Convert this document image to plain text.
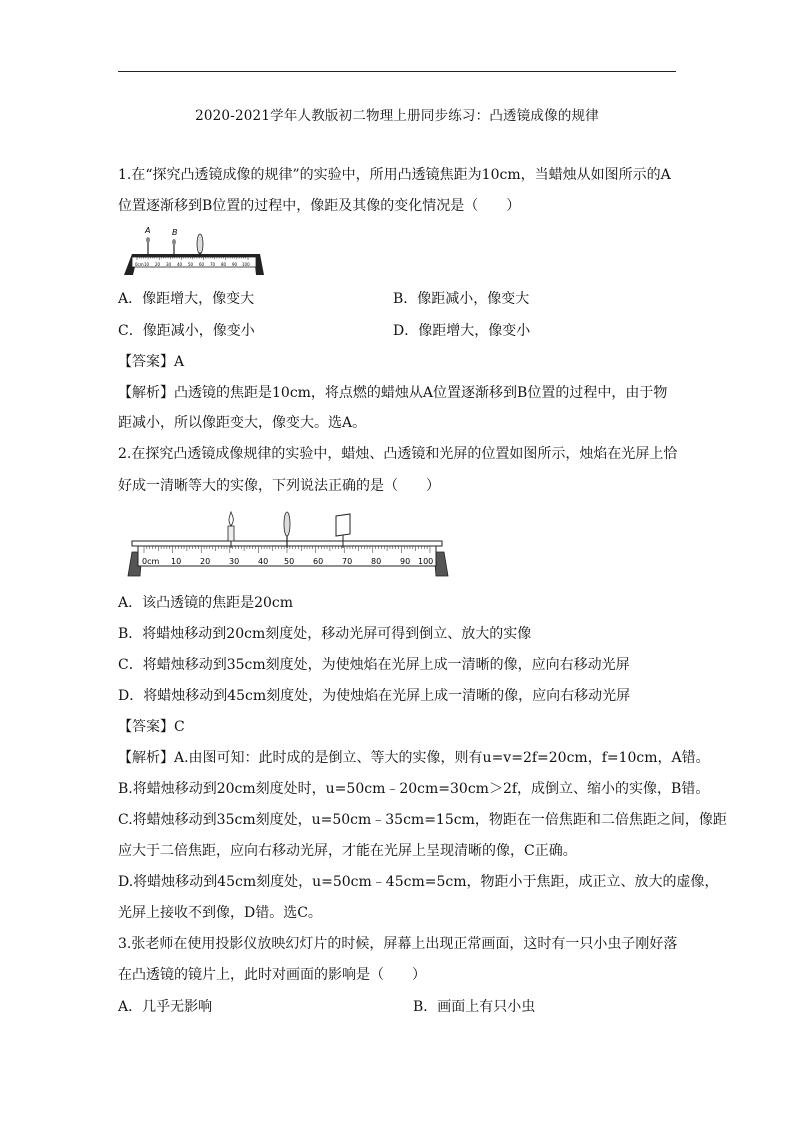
2020-2021学年人教版初二物理上册同步练习：凸透镜成像的规律
1.在“探究凸透镜成像的规律”的实验中，所用凸透镜焦距为10cm，当蜡烛从如图所示的A
位置逐渐移到B位置的过程中，像距及其像的变化情况是（　　）
A	B
0cm 10 20 30 40 50 60 70 80 90 100
A．像距增大，像变大	B．像距减小，像变大
C．像距减小，像变小	D．像距增大，像变小
【答案】A
【解析】凸透镜的焦距是10cm，将点燃的蜡烛从A位置逐渐移到B位置的过程中，由于物
距减小，所以像距变大，像变大。选A。
2.在探究凸透镜成像规律的实验中，蜡烛、凸透镜和光屏的位置如图所示，烛焰在光屏上恰
好成一清晰等大的实像，下列说法正确的是（　　）
0cm 10 20 30 40 50 60 70 80 90 100
A．该凸透镜的焦距是20cm
B．将蜡烛移动到20cm刻度处，移动光屏可得到倒立、放大的实像
C．将蜡烛移动到35cm刻度处，为使烛焰在光屏上成一清晰的像，应向右移动光屏
D．将蜡烛移动到45cm刻度处，为使烛焰在光屏上成一清晰的像，应向右移动光屏
【答案】C
【解析】A.由图可知：此时成的是倒立、等大的实像，则有u=v=2f=20cm，f=10cm，A错。
B.将蜡烛移动到20cm刻度处时，u=50cm﹣20cm=30cm＞2f，成倒立、缩小的实像，B错。
C.将蜡烛移动到35cm刻度处，u=50cm﹣35cm=15cm，物距在一倍焦距和二倍焦距之间，像距
应大于二倍焦距，应向右移动光屏，才能在光屏上呈现清晰的像，C正确。
D.将蜡烛移动到45cm刻度处，u=50cm﹣45cm=5cm，物距小于焦距，成正立、放大的虚像，
光屏上接收不到像，D错。选C。
3.张老师在使用投影仪放映幻灯片的时候，屏幕上出现正常画面，这时有一只小虫子刚好落
在凸透镜的镜片上，此时对画面的影响是（　　）
A．几乎无影响	B．画面上有只小虫
